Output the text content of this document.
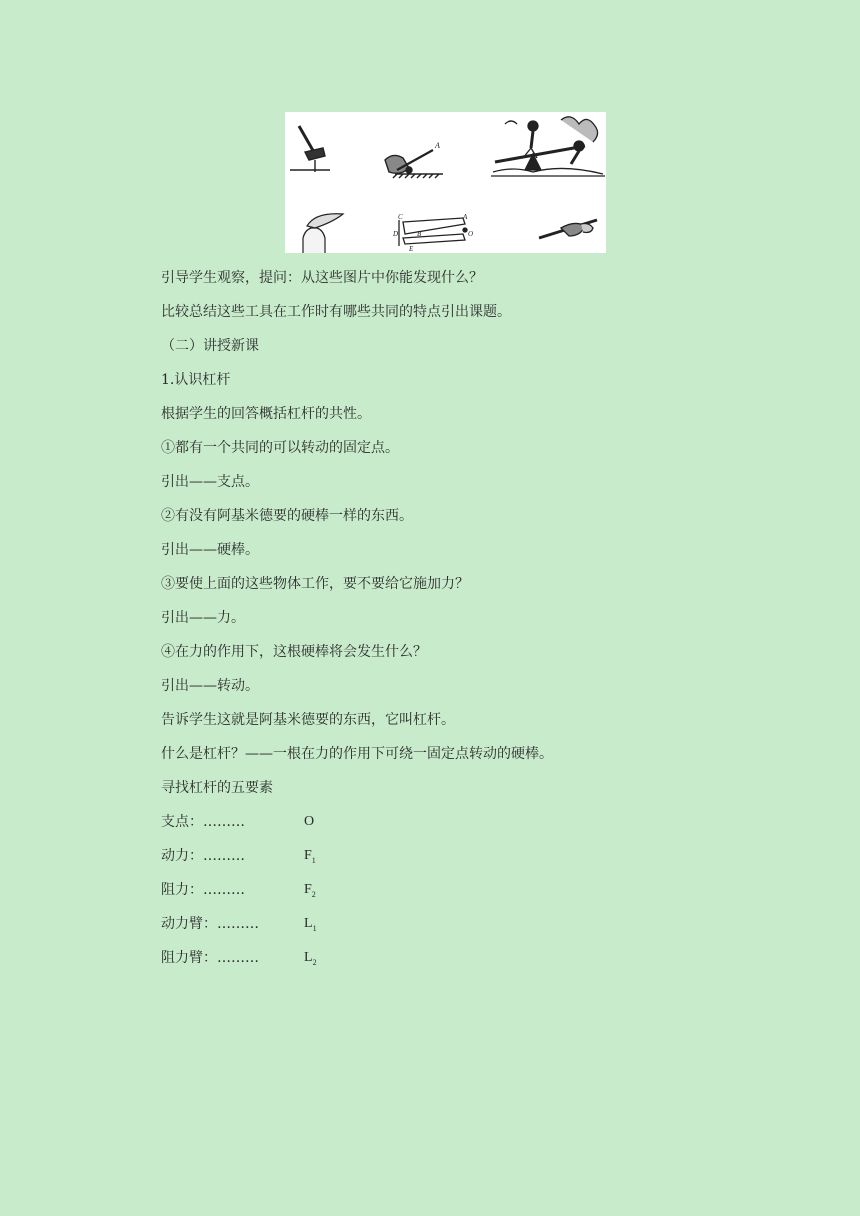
A
C	A
D	B	O
E
引导学生观察，提问：从这些图片中你能发现什么？
比较总结这些工具在工作时有哪些共同的特点引出课题。
（二）讲授新课
1.认识杠杆
根据学生的回答概括杠杆的共性。
①都有一个共同的可以转动的固定点。
引出——支点。
②有没有阿基米德要的硬棒一样的东西。
引出——硬棒。
③要使上面的这些物体工作，要不要给它施加力？
引出——力。
④在力的作用下，这根硬棒将会发生什么？
引出——转动。
告诉学生这就是阿基米德要的东西，它叫杠杆。
什么是杠杆？——一根在力的作用下可绕一固定点转动的硬棒。
寻找杠杆的五要素
支点：………	O
动力：………	$F_1$
阻力：………	$F_2$
动力臂：………	$L_1$
阻力臂：………	$L_2$
